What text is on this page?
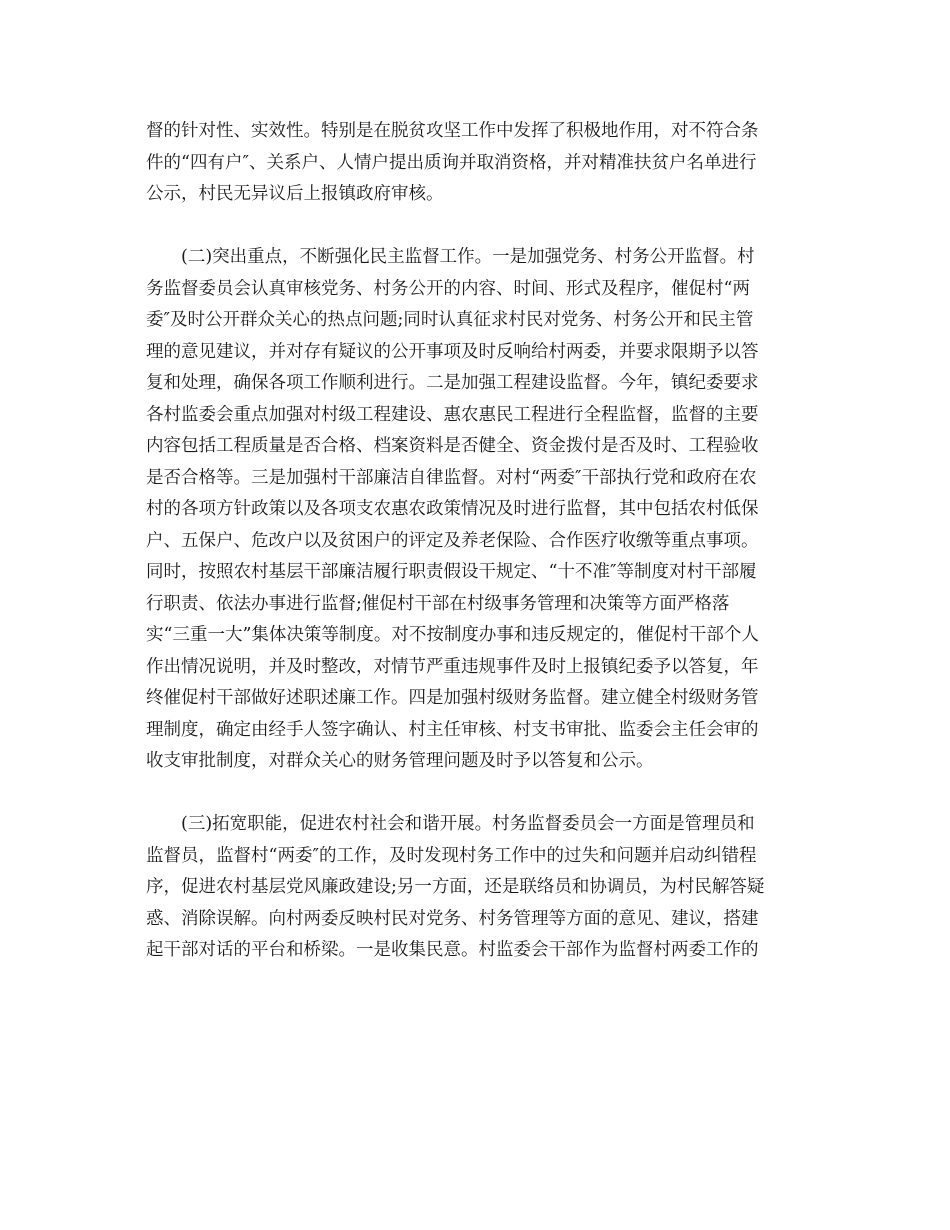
督的针对性、实效性。特别是在脱贫攻坚工作中发挥了积极地作用，对不符合条
件的“四有户″、关系户、人情户提出质询并取消资格，并对精准扶贫户名单进行
公示，村民无异议后上报镇政府审核。
(二)突出重点，不断强化民主监督工作。一是加强党务、村务公开监督。村
务监督委员会认真审核党务、村务公开的内容、时间、形式及程序，催促村“两
委″及时公开群众关心的热点问题;同时认真征求村民对党务、村务公开和民主管
理的意见建议，并对存有疑议的公开事项及时反响给村两委，并要求限期予以答
复和处理，确保各项工作顺利进行。二是加强工程建设监督。今年，镇纪委要求
各村监委会重点加强对村级工程建设、惠农惠民工程进行全程监督，监督的主要
内容包括工程质量是否合格、档案资料是否健全、资金拨付是否及时、工程验收
是否合格等。三是加强村干部廉洁自律监督。对村“两委″干部执行党和政府在农
村的各项方针政策以及各项支农惠农政策情况及时进行监督，其中包括农村低保
户、五保户、危改户以及贫困户的评定及养老保险、合作医疗收缴等重点事项。
同时，按照农村基层干部廉洁履行职责假设干规定、“十不准″等制度对村干部履
行职责、依法办事进行监督;催促村干部在村级事务管理和决策等方面严格落
实“三重一大”集体决策等制度。对不按制度办事和违反规定的，催促村干部个人
作出情况说明，并及时整改，对情节严重违规事件及时上报镇纪委予以答复，年
终催促村干部做好述职述廉工作。四是加强村级财务监督。建立健全村级财务管
理制度，确定由经手人签字确认、村主任审核、村支书审批、监委会主任会审的
收支审批制度，对群众关心的财务管理问题及时予以答复和公示。
(三)拓宽职能，促进农村社会和谐开展。村务监督委员会一方面是管理员和
监督员，监督村“两委″的工作，及时发现村务工作中的过失和问题并启动纠错程
序，促进农村基层党风廉政建设;另一方面，还是联络员和协调员，为村民解答疑
惑、消除误解。向村两委反映村民对党务、村务管理等方面的意见、建议，搭建
起干部对话的平台和桥梁。一是收集民意。村监委会干部作为监督村两委工作的
